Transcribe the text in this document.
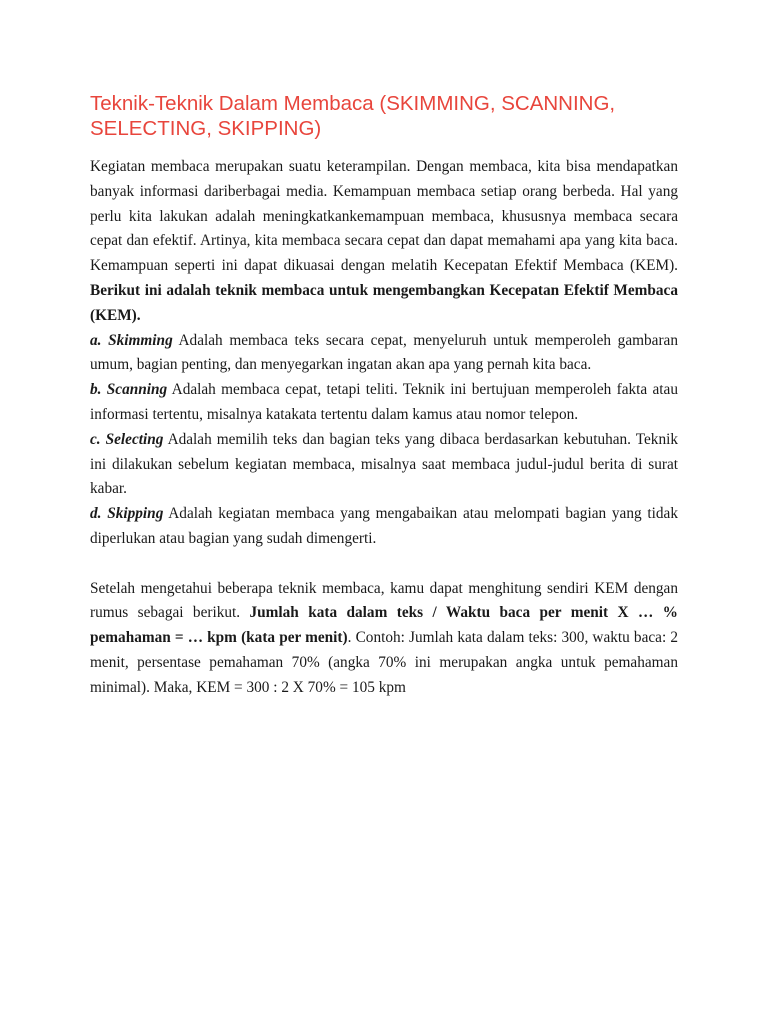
Teknik-Teknik Dalam Membaca (SKIMMING, SCANNING, SELECTING, SKIPPING)

Kegiatan membaca merupakan suatu keterampilan. Dengan membaca, kita bisa mendapatkan banyak informasi dariberbagai media. Kemampuan membaca setiap orang berbeda. Hal yang perlu kita lakukan adalah meningkatkankemampuan membaca, khususnya membaca secara cepat dan efektif. Artinya, kita membaca secara cepat dan dapat memahami apa yang kita baca. Kemampuan seperti ini dapat dikuasai dengan melatih Kecepatan Efektif Membaca (KEM). Berikut ini adalah teknik membaca untuk mengembangkan Kecepatan Efektif Membaca (KEM).
a. Skimming Adalah membaca teks secara cepat, menyeluruh untuk memperoleh gambaran umum, bagian penting, dan menyegarkan ingatan akan apa yang pernah kita baca.
b. Scanning Adalah membaca cepat, tetapi teliti. Teknik ini bertujuan memperoleh fakta atau informasi tertentu, misalnya katakata tertentu dalam kamus atau nomor telepon.
c. Selecting Adalah memilih teks dan bagian teks yang dibaca berdasarkan kebutuhan. Teknik ini dilakukan sebelum kegiatan membaca, misalnya saat membaca judul-judul berita di surat kabar.
d. Skipping Adalah kegiatan membaca yang mengabaikan atau melompati bagian yang tidak diperlukan atau bagian yang sudah dimengerti.

Setelah mengetahui beberapa teknik membaca, kamu dapat menghitung sendiri KEM dengan rumus sebagai berikut. Jumlah kata dalam teks / Waktu baca per menit X … % pemahaman = … kpm (kata per menit). Contoh: Jumlah kata dalam teks: 300, waktu baca: 2 menit, persentase pemahaman 70% (angka 70% ini merupakan angka untuk pemahaman minimal). Maka, KEM = 300 : 2 X 70% = 105 kpm
